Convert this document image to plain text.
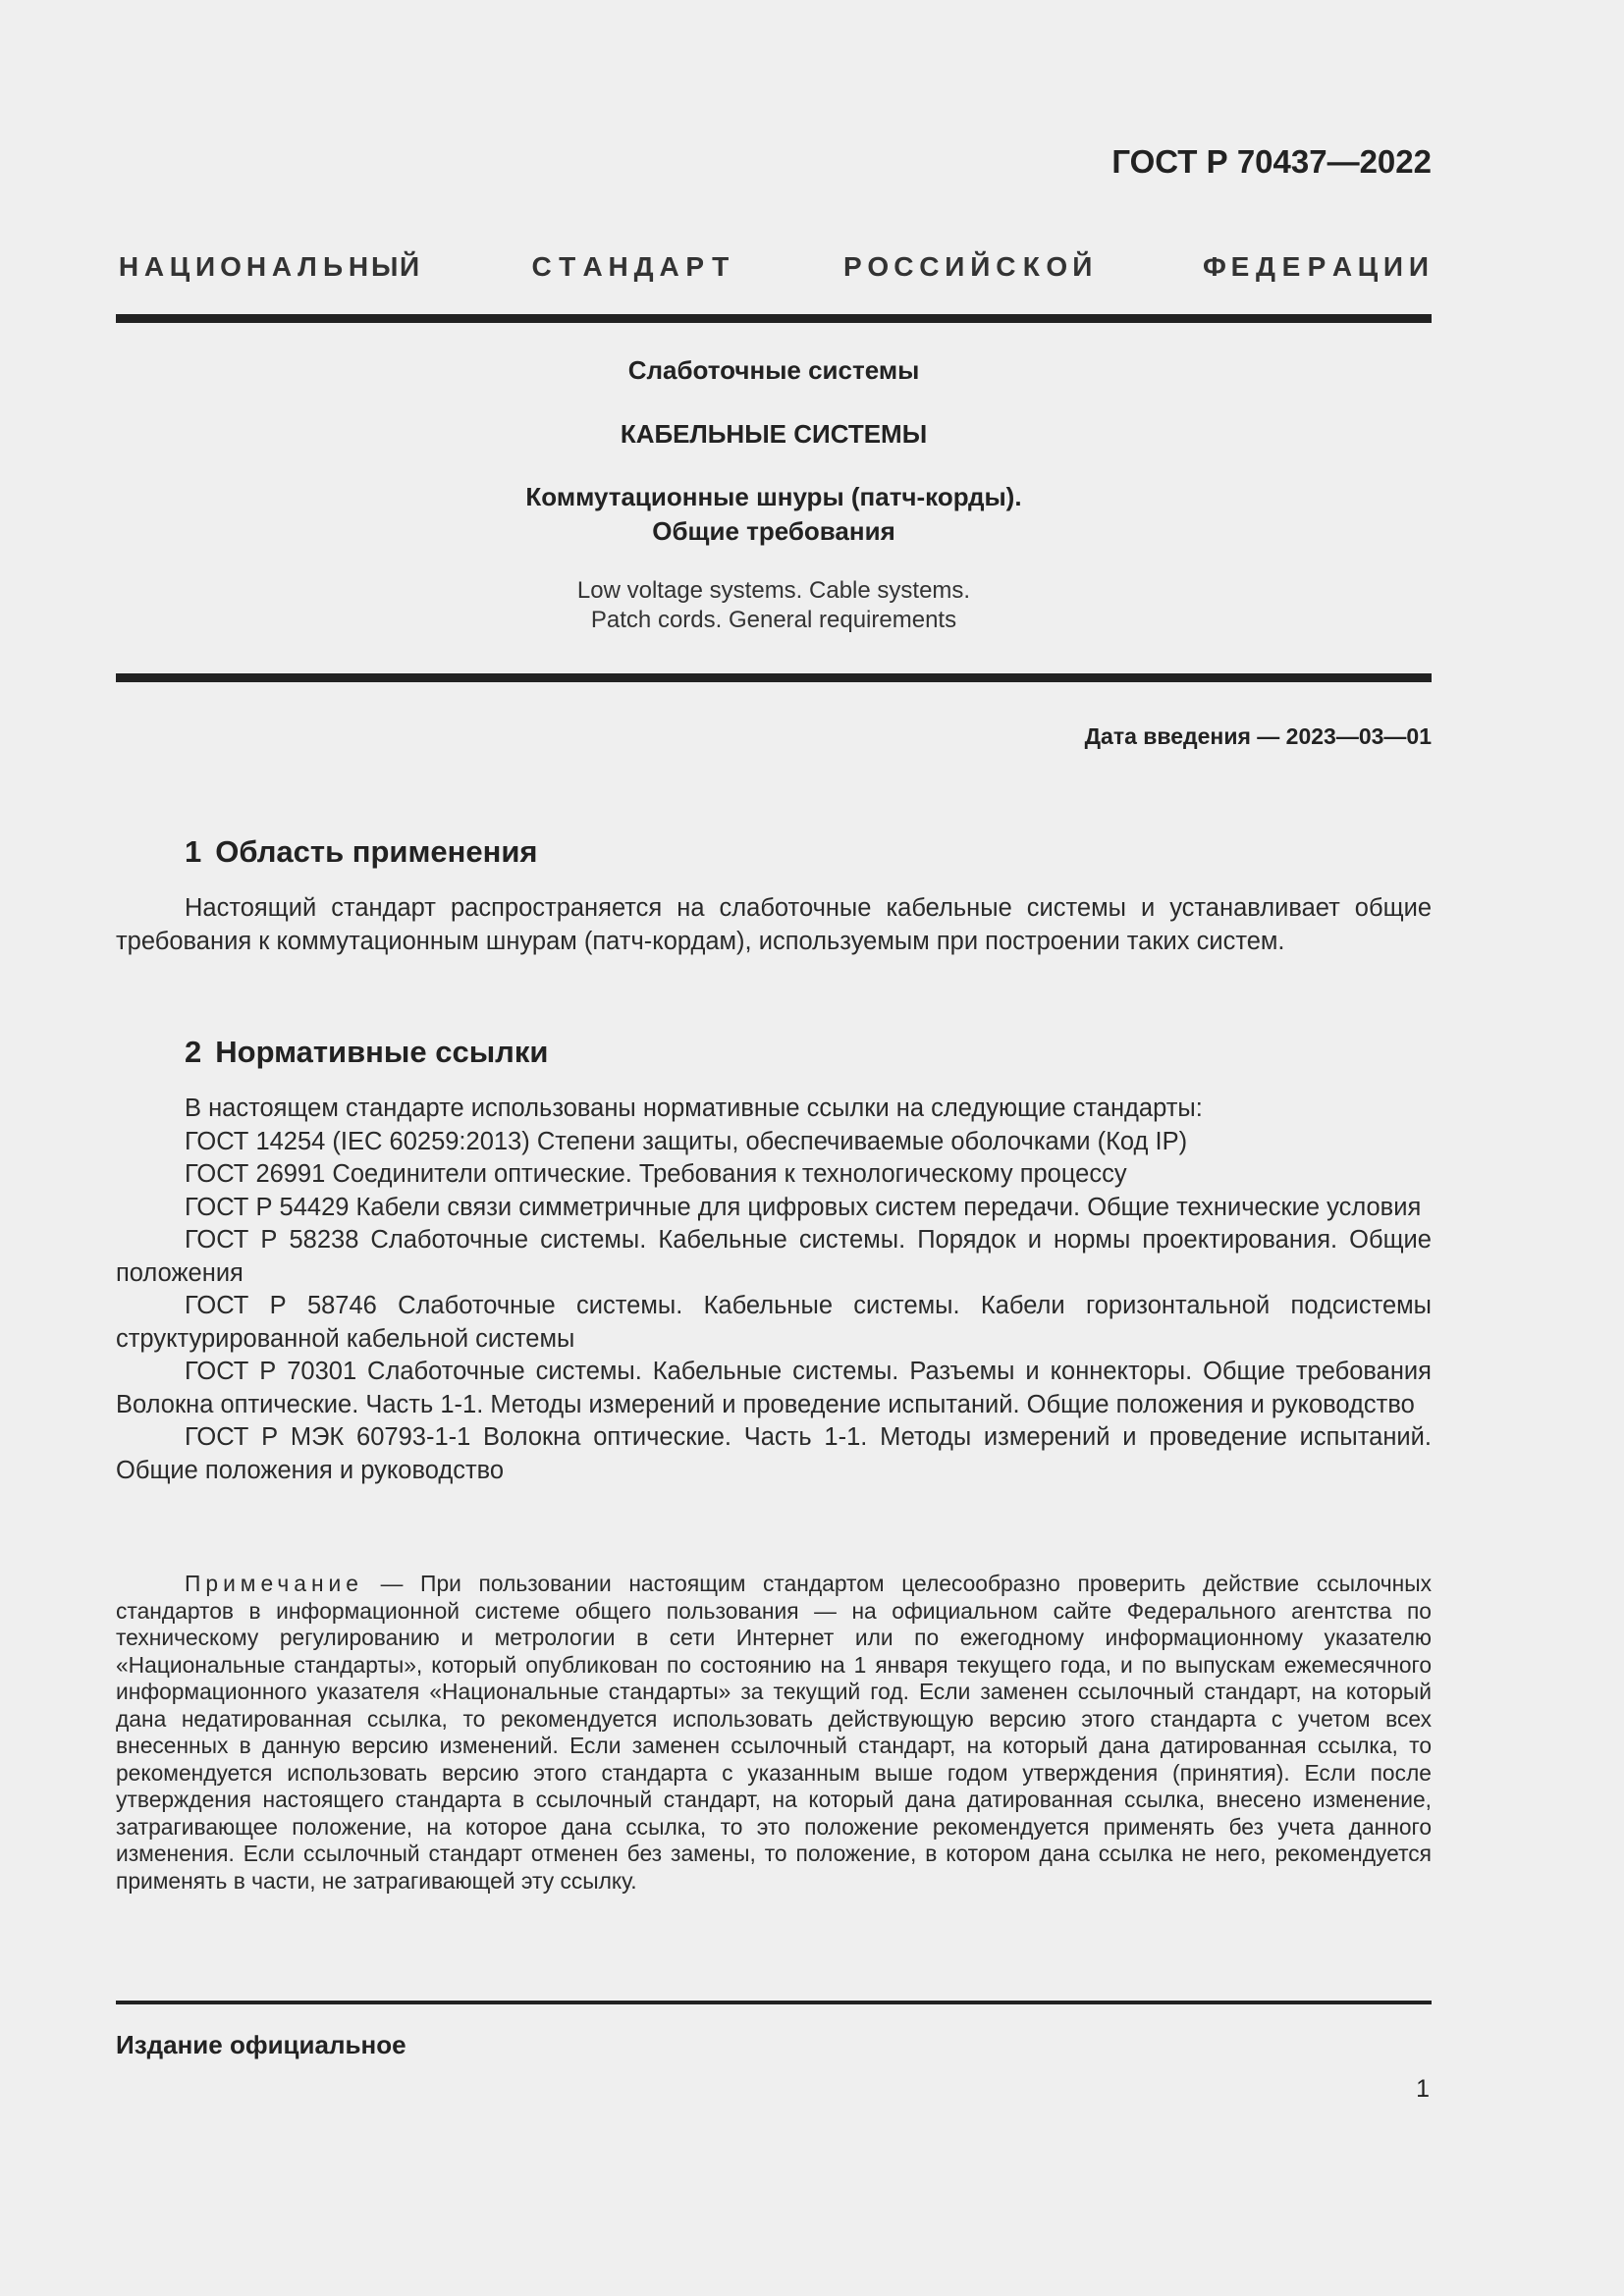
ГОСТ Р 70437—2022
Н А Ц И О Н А Л Ь Н Ы Й	С Т А Н Д А Р Т	Р О С С И Й С К О Й	Ф Е Д Е Р А Ц И И
Слаботочные системы
КАБЕЛЬНЫЕ СИСТЕМЫ
Коммутационные шнуры (патч-корды).
Общие требования
Low voltage systems. Cable systems.
Patch cords. General requirements
Дата введения — 2023—03—01
1 Область применения

Настоящий стандарт распространяется на слаботочные кабельные системы и устанавливает общие требования к коммутационным шнурам (патч-кордам), используемым при построении таких систем.

2 Нормативные ссылки

В настоящем стандарте использованы нормативные ссылки на следующие стандарты:

ГОСТ 14254 (IEC 60259:2013) Степени защиты, обеспечиваемые оболочками (Код IP)

ГОСТ 26991 Соединители оптические. Требования к технологическому процессу

ГОСТ Р 54429 Кабели связи симметричные для цифровых систем передачи. Общие технические условия

ГОСТ Р 58238 Слаботочные системы. Кабельные системы. Порядок и нормы проектирования. Общие положения

ГОСТ Р 58746 Слаботочные системы. Кабельные системы. Кабели горизонтальной подсистемы структурированной кабельной системы

ГОСТ Р 70301 Слаботочные системы. Кабельные системы. Разъемы и коннекторы. Общие требования Волокна оптические. Часть 1-1. Методы измерений и проведение испытаний. Общие положения и руководство

ГОСТ Р МЭК 60793-1-1 Волокна оптические. Часть 1-1. Методы измерений и проведение испытаний. Общие положения и руководство

Примечание — При пользовании настоящим стандартом целесообразно проверить действие ссылочных стандартов в информационной системе общего пользования — на официальном сайте Федерального агентства по техническому регулированию и метрологии в сети Интернет или по ежегодному информационному указателю «Национальные стандарты», который опубликован по состоянию на 1 января текущего года, и по выпускам ежемесячного информационного указателя «Национальные стандарты» за текущий год. Если заменен ссылочный стандарт, на который дана недатированная ссылка, то рекомендуется использовать действующую версию этого стандарта с учетом всех внесенных в данную версию изменений. Если заменен ссылочный стандарт, на который дана датированная ссылка, то рекомендуется использовать версию этого стандарта с указанным выше годом утверждения (принятия). Если после утверждения настоящего стандарта в ссылочный стандарт, на который дана датированная ссылка, внесено изменение, затрагивающее положение, на которое дана ссылка, то это положение рекомендуется применять без учета данного изменения. Если ссылочный стандарт отменен без замены, то положение, в котором дана ссылка не него, рекомендуется применять в части, не затрагивающей эту ссылку.

Издание официальное
1
